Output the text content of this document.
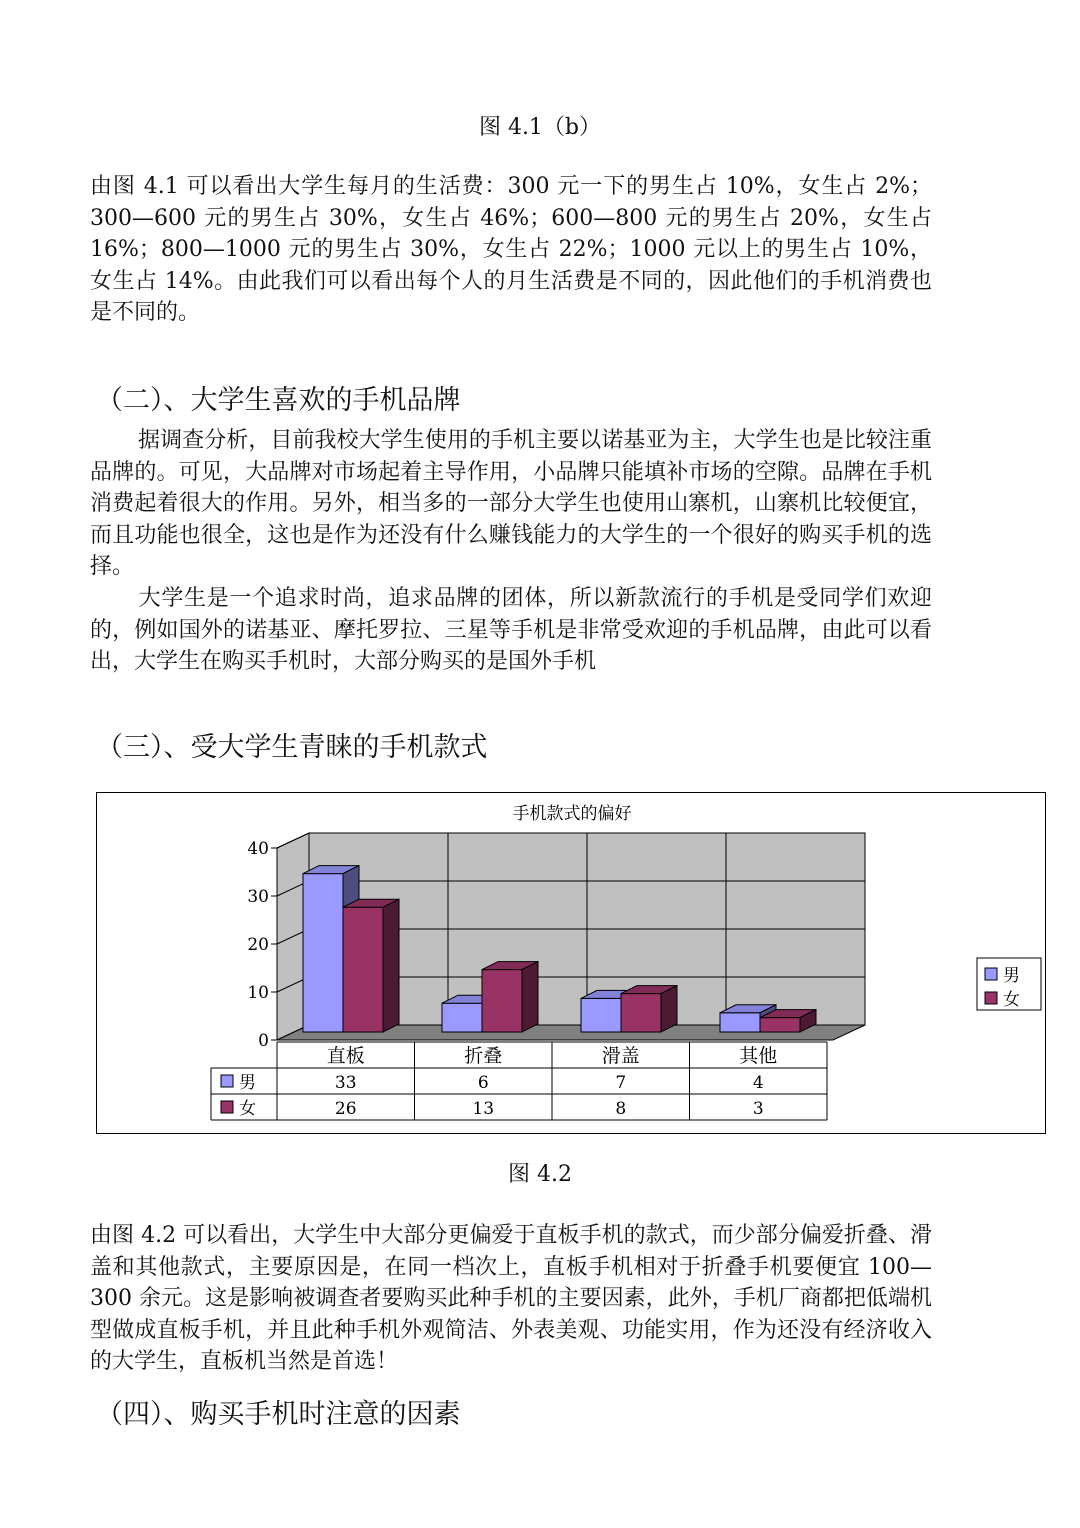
图 4.1（b）

由图 4.1 可以看出大学生每月的生活费：300 元一下的男生占 10%，女生占 2%；300—600 元的男生占 30%，女生占 46%；600—800 元的男生占 20%，女生占 16%；800—1000 元的男生占 30%，女生占 22%；1000 元以上的男生占 10%，女生占 14%。由此我们可以看出每个人的月生活费是不同的，因此他们的手机消费也是不同的。

（二）、大学生喜欢的手机品牌

据调查分析，目前我校大学生使用的手机主要以诺基亚为主，大学生也是比较注重品牌的。可见，大品牌对市场起着主导作用，小品牌只能填补市场的空隙。品牌在手机消费起着很大的作用。另外，相当多的一部分大学生也使用山寨机，山寨机比较便宜，而且功能也很全，这也是作为还没有什么赚钱能力的大学生的一个很好的购买手机的选择。

大学生是一个追求时尚，追求品牌的团体，所以新款流行的手机是受同学们欢迎的，例如国外的诺基亚、摩托罗拉、三星等手机是非常受欢迎的手机品牌，由此可以看出，大学生在购买手机时，大部分购买的是国外手机

（三）、受大学生青睐的手机款式
手机款式的偏好
0
10
20
30
40
直板	折叠	滑盖	其他
男	33	6	7	4
女	26	13	8	3
男
女
图 4.2

由图 4.2 可以看出，大学生中大部分更偏爱于直板手机的款式，而少部分偏爱折叠、滑盖和其他款式，主要原因是，在同一档次上，直板手机相对于折叠手机要便宜 100—300 余元。这是影响被调查者要购买此种手机的主要因素，此外，手机厂商都把低端机型做成直板手机，并且此种手机外观简洁、外表美观、功能实用，作为还没有经济收入的大学生，直板机当然是首选！

（四）、购买手机时注意的因素
